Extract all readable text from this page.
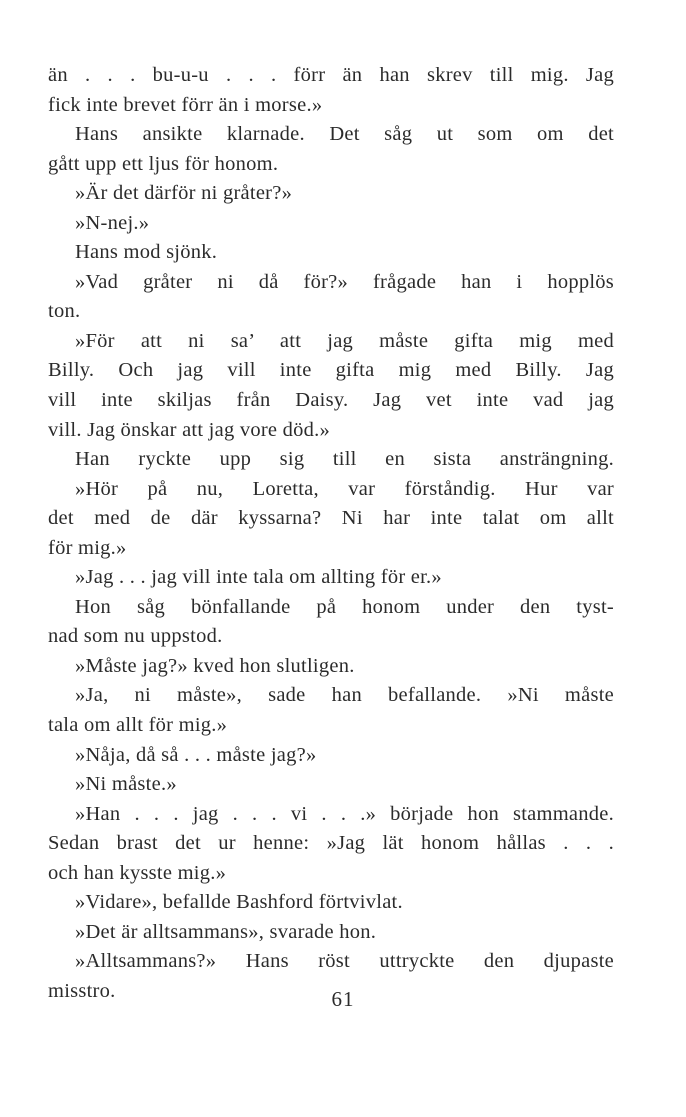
än . . . bu-u-u . . . förr än han skrev till mig. Jag
fick inte brevet förr än i morse.»
Hans ansikte klarnade. Det såg ut som om det
gått upp ett ljus för honom.
»Är det därför ni gråter?»
»N-nej.»
Hans mod sjönk.
»Vad gråter ni då för?» frågade han i hopplös
ton.
»För att ni sa’ att jag måste gifta mig med
Billy. Och jag vill inte gifta mig med Billy. Jag
vill inte skiljas från Daisy. Jag vet inte vad jag
vill. Jag önskar att jag vore död.»
Han ryckte upp sig till en sista ansträngning.
»Hör på nu, Loretta, var förståndig. Hur var
det med de där kyssarna? Ni har inte talat om allt
för mig.»
»Jag . . . jag vill inte tala om allting för er.»
Hon såg bönfallande på honom under den tyst-
nad som nu uppstod.
»Måste jag?» kved hon slutligen.
»Ja, ni måste», sade han befallande. »Ni måste
tala om allt för mig.»
»Nåja, då så . . . måste jag?»
»Ni måste.»
»Han . . . jag . . . vi . . .» började hon stammande.
Sedan brast det ur henne: »Jag lät honom hållas . . .
och han kysste mig.»
»Vidare», befallde Bashford förtvivlat.
»Det är alltsammans», svarade hon.
»Alltsammans?» Hans röst uttryckte den djupaste
misstro.	61
